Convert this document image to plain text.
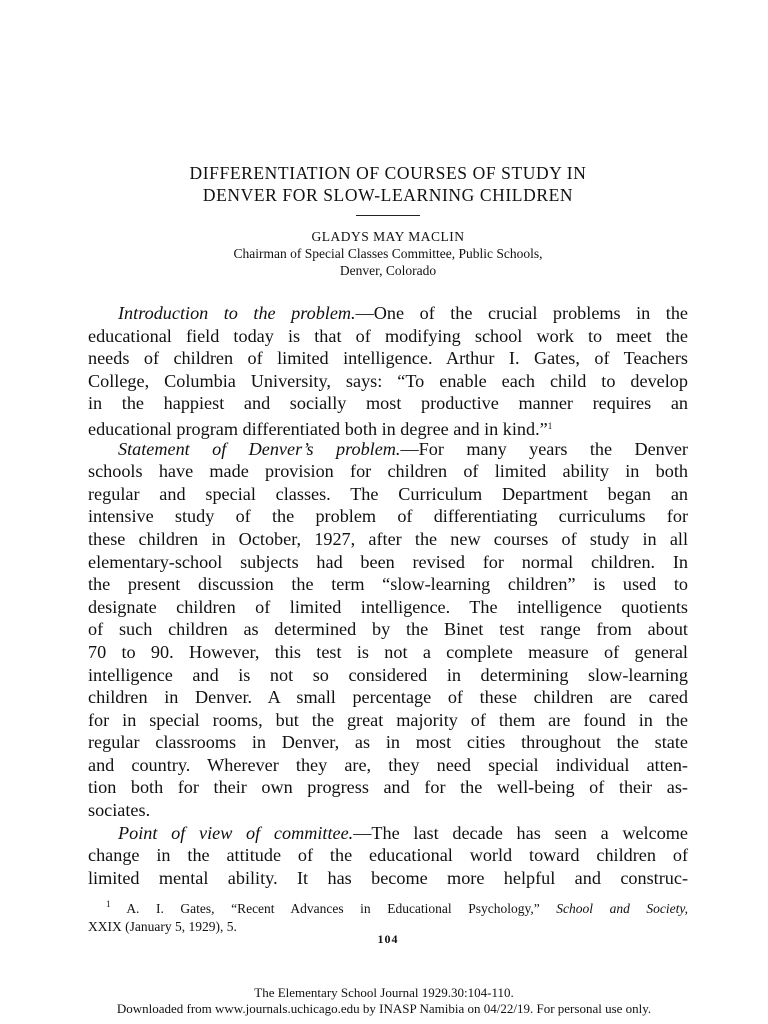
DIFFERENTIATION OF COURSES OF STUDY IN
DENVER FOR SLOW-LEARNING CHILDREN
GLADYS MAY MACLIN
Chairman of Special Classes Committee, Public Schools,
Denver, Colorado
Introduction to the problem.—One of the crucial problems in the
educational field today is that of modifying school work to meet the
needs of children of limited intelligence. Arthur I. Gates, of Teachers
College, Columbia University, says: “To enable each child to develop
in the happiest and socially most productive manner requires an
educational program differentiated both in degree and in kind.”$^1$
Statement of Denver’s problem.—For many years the Denver
schools have made provision for children of limited ability in both
regular and special classes. The Curriculum Department began an
intensive study of the problem of differentiating curriculums for
these children in October, 1927, after the new courses of study in all
elementary-school subjects had been revised for normal children. In
the present discussion the term “slow-learning children” is used to
designate children of limited intelligence. The intelligence quotients
of such children as determined by the Binet test range from about
70 to 90. However, this test is not a complete measure of general
intelligence and is not so considered in determining slow-learning
children in Denver. A small percentage of these children are cared
for in special rooms, but the great majority of them are found in the
regular classrooms in Denver, as in most cities throughout the state
and country. Wherever they are, they need special individual atten-
tion both for their own progress and for the well-being of their as-
sociates.
Point of view of committee.—The last decade has seen a welcome
change in the attitude of the educational world toward children of
limited mental ability. It has become more helpful and construc-
$^1$ A. I. Gates, “Recent Advances in Educational Psychology,” School and Society,
XXIX (January 5, 1929), 5.
104
The Elementary School Journal 1929.30:104-110.
Downloaded from www.journals.uchicago.edu by INASP Namibia on 04/22/19. For personal use only.
